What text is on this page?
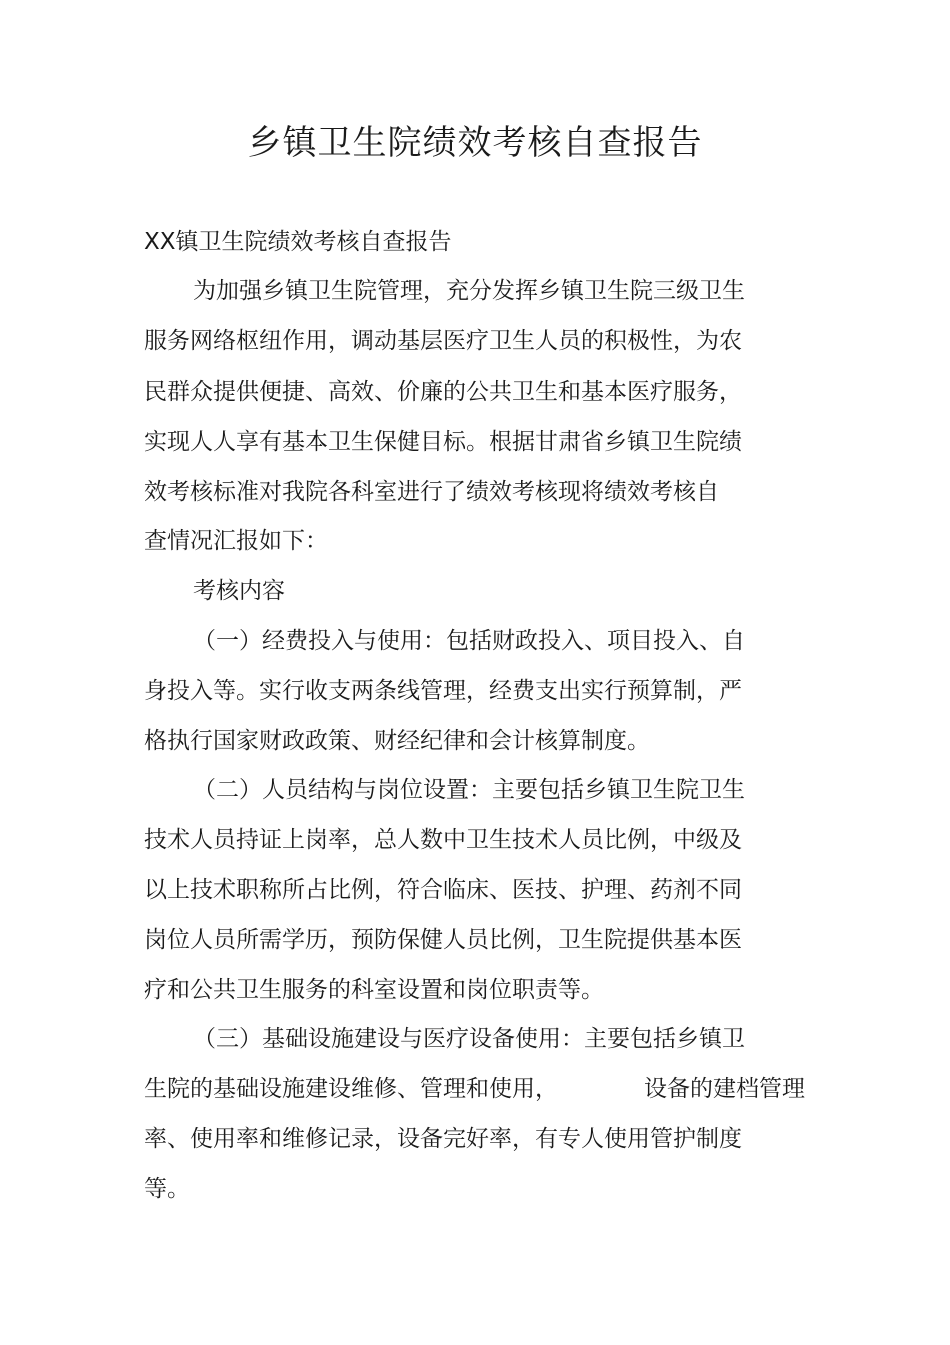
乡镇卫生院绩效考核自查报告
XX镇卫生院绩效考核自查报告
为加强乡镇卫生院管理，充分发挥乡镇卫生院三级卫生
服务网络枢纽作用，调动基层医疗卫生人员的积极性，为农
民群众提供便捷、高效、价廉的公共卫生和基本医疗服务，
实现人人享有基本卫生保健目标。根据甘肃省乡镇卫生院绩
效考核标准对我院各科室进行了绩效考核现将绩效考核自
查情况汇报如下：
考核内容
（一）经费投入与使用：包括财政投入、项目投入、自
身投入等。实行收支两条线管理，经费支出实行预算制，严
格执行国家财政政策、财经纪律和会计核算制度。
（二）人员结构与岗位设置：主要包括乡镇卫生院卫生
技术人员持证上岗率，总人数中卫生技术人员比例，中级及
以上技术职称所占比例，符合临床、医技、护理、药剂不同
岗位人员所需学历，预防保健人员比例，卫生院提供基本医
疗和公共卫生服务的科室设置和岗位职责等。
（三）基础设施建设与医疗设备使用：主要包括乡镇卫
生院的基础设施建设维修、管理和使用，	设备的建档管理
率、使用率和维修记录，设备完好率，有专人使用管护制度
等。
